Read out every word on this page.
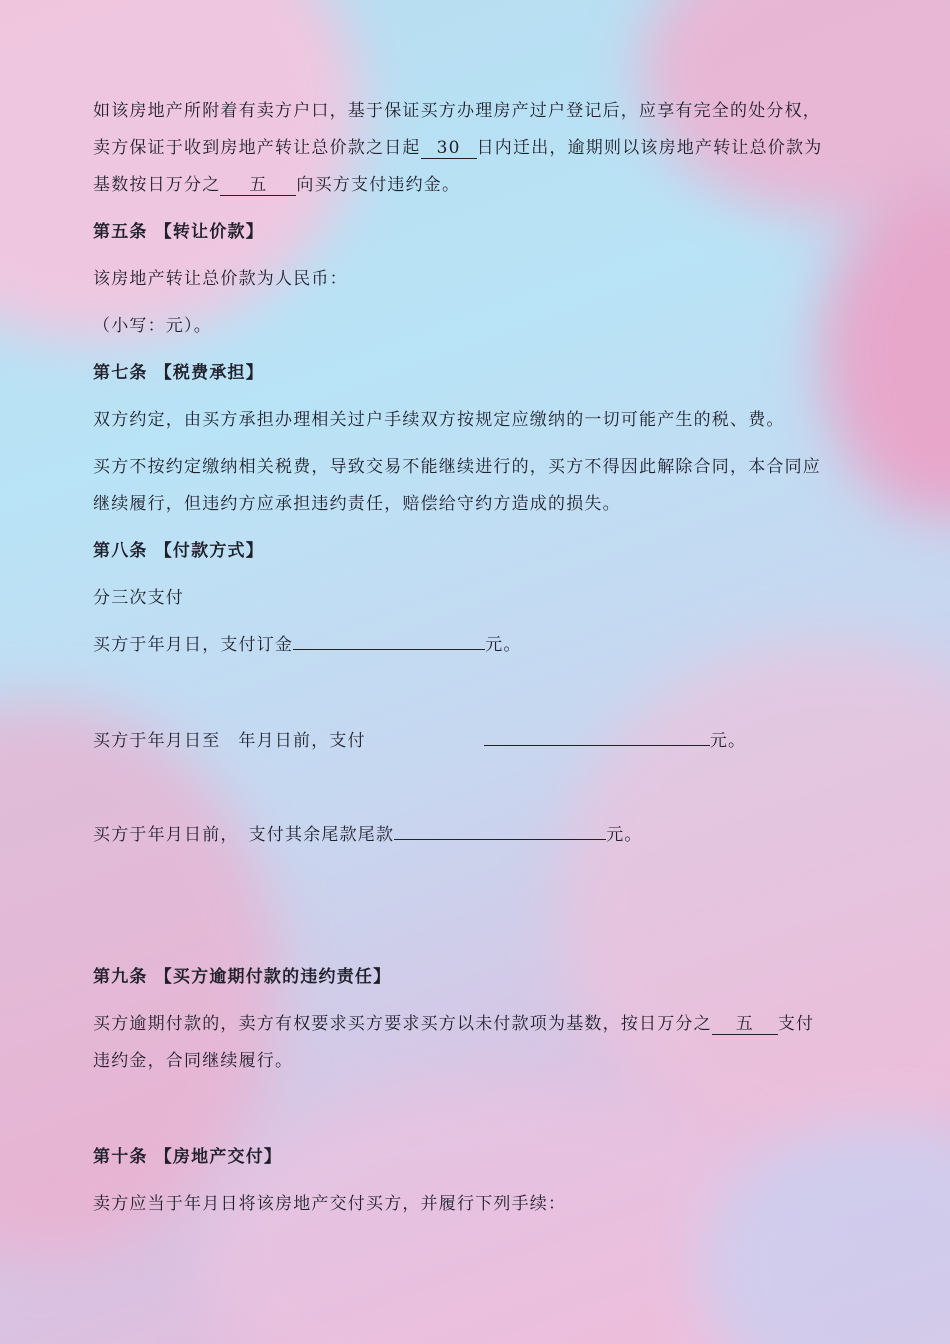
如该房地产所附着有卖方户口，基于保证买方办理房产过户登记后，应享有完全的处分权，

卖方保证于收到房地产转让总价款之日起 30 日内迁出，逾期则以该房地产转让总价款为

基数按日万分之 五 向买方支付违约金。

第五条 【转让价款】

该房地产转让总价款为人民币：

（小写：元）。

第七条 【税费承担】

双方约定，由买方承担办理相关过户手续双方按规定应缴纳的一切可能产生的税、费。

买方不按约定缴纳相关税费，导致交易不能继续进行的，买方不得因此解除合同，本合同应

继续履行，但违约方应承担违约责任，赔偿给守约方造成的损失。

第八条 【付款方式】

分三次支付

买方于年月日，支付订金	元。

买方于年月日至 年月日前，支付	元。

买方于年月日前， 支付其余尾款尾款	元。

第九条 【买方逾期付款的违约责任】

买方逾期付款的，卖方有权要求买方要求买方以未付款项为基数，按日万分之 五 支付

违约金，合同继续履行。

第十条 【房地产交付】

卖方应当于年月日将该房地产交付买方，并履行下列手续：
